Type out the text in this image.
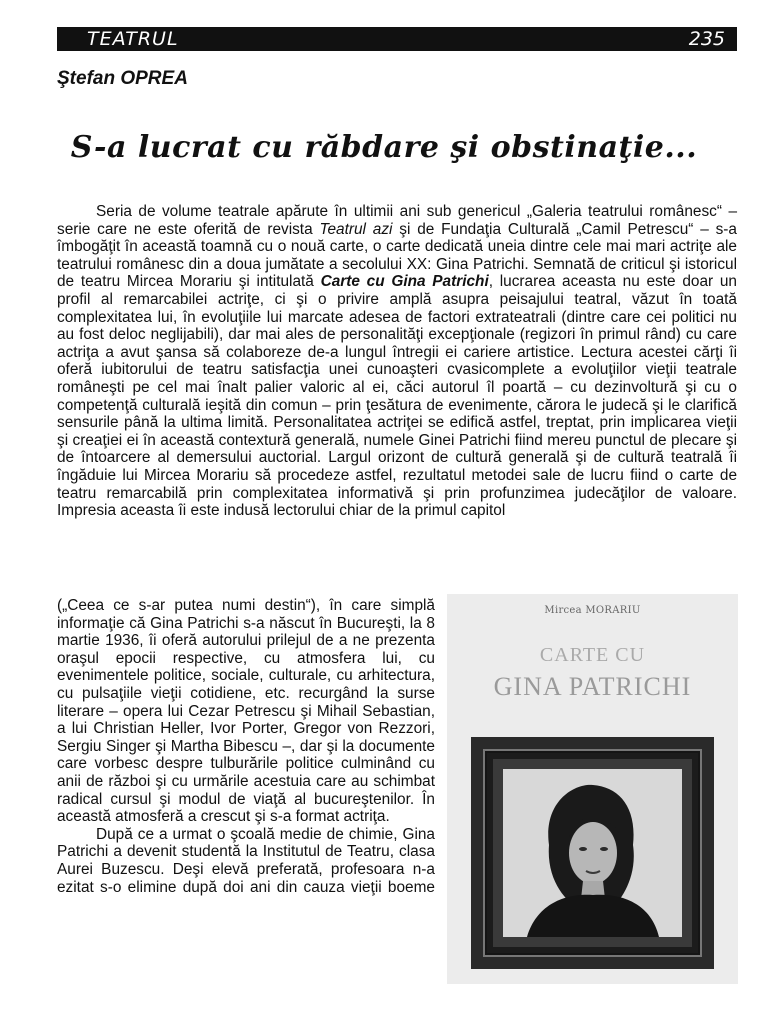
TEATRUL	235
Ştefan OPREA
S-a lucrat cu răbdare şi obstinaţie...

Seria de volume teatrale apărute în ultimii ani sub genericul „Galeria teatrului românesc“ – serie care ne este oferită de revista Teatrul azi şi de Fundaţia Culturală „Camil Petrescu“ – s-a îmbogăţit în această toamnă cu o nouă carte, o carte dedicată uneia dintre cele mai mari actriţe ale teatrului românesc din a doua jumătate a secolului XX: Gina Patrichi. Semnată de criticul şi istoricul de teatru Mircea Morariu şi intitulată Carte cu Gina Patrichi, lucrarea aceasta nu este doar un profil al remarcabilei actriţe, ci şi o privire amplă asupra peisajului teatral, văzut în toată complexitatea lui, în evoluţiile lui marcate adesea de factori extrateatrali (dintre care cei politici nu au fost deloc neglijabili), dar mai ales de personalităţi excepţionale (regizori în primul rând) cu care actriţa a avut şansa să colaboreze de-a lungul întregii ei cariere artistice. Lectura acestei cărţi îi oferă iubitorului de teatru satisfacţia unei cunoaşteri cvasicomplete a evoluţiilor vieţii teatrale româneşti pe cel mai înalt palier valoric al ei, căci autorul îl poartă – cu dezinvoltură şi cu o competenţă culturală ieşită din comun – prin ţesătura de evenimente, cărora le judecă şi le clarifică sensurile până la ultima limită. Personalitatea actriţei se edifică astfel, treptat, prin implicarea vieţii şi creaţiei ei în această contextură generală, numele Ginei Patrichi fiind mereu punctul de plecare şi de întoarcere al demersului auctorial. Largul orizont de cultură generală şi de cultură teatrală îi îngăduie lui Mircea Morariu să procedeze astfel, rezultatul metodei sale de lucru fiind o carte de teatru remarcabilă prin complexitatea informativă şi prin profunzimea judecăţilor de valoare. Impresia aceasta îi este indusă lectorului chiar de la primul capitol

(„Ceea ce s-ar putea numi destin“), în care simplă informaţie că Gina Patrichi s-a născut în Bucureşti, la 8 martie 1936, îi oferă autorului prilejul de a ne prezenta oraşul epocii respective, cu atmosfera lui, cu evenimentele politice, sociale, culturale, cu arhitectura, cu pulsaţiile vieţii cotidiene, etc. recurgând la surse literare – opera lui Cezar Petrescu şi Mihail Sebastian, a lui Christian Heller, Ivor Porter, Gregor von Rezzori, Sergiu Singer şi Martha Bibescu –, dar şi la documente care vorbesc despre tulburările politice culminând cu anii de război şi cu urmările acestuia care au schimbat radical cursul şi modul de viaţă al bucureştenilor. În această atmosferă a crescut şi s-a format actriţa.

După ce a urmat o şcoală medie de chimie, Gina Patrichi a devenit studentă la Institutul de Teatru, clasa Aurei Buzescu. Deşi elevă preferată, profesoara n-a ezitat s-o elimine după doi ani din cauza vieţii boeme

Mircea MORARIU
CARTE CU
GINA PATRICHI
